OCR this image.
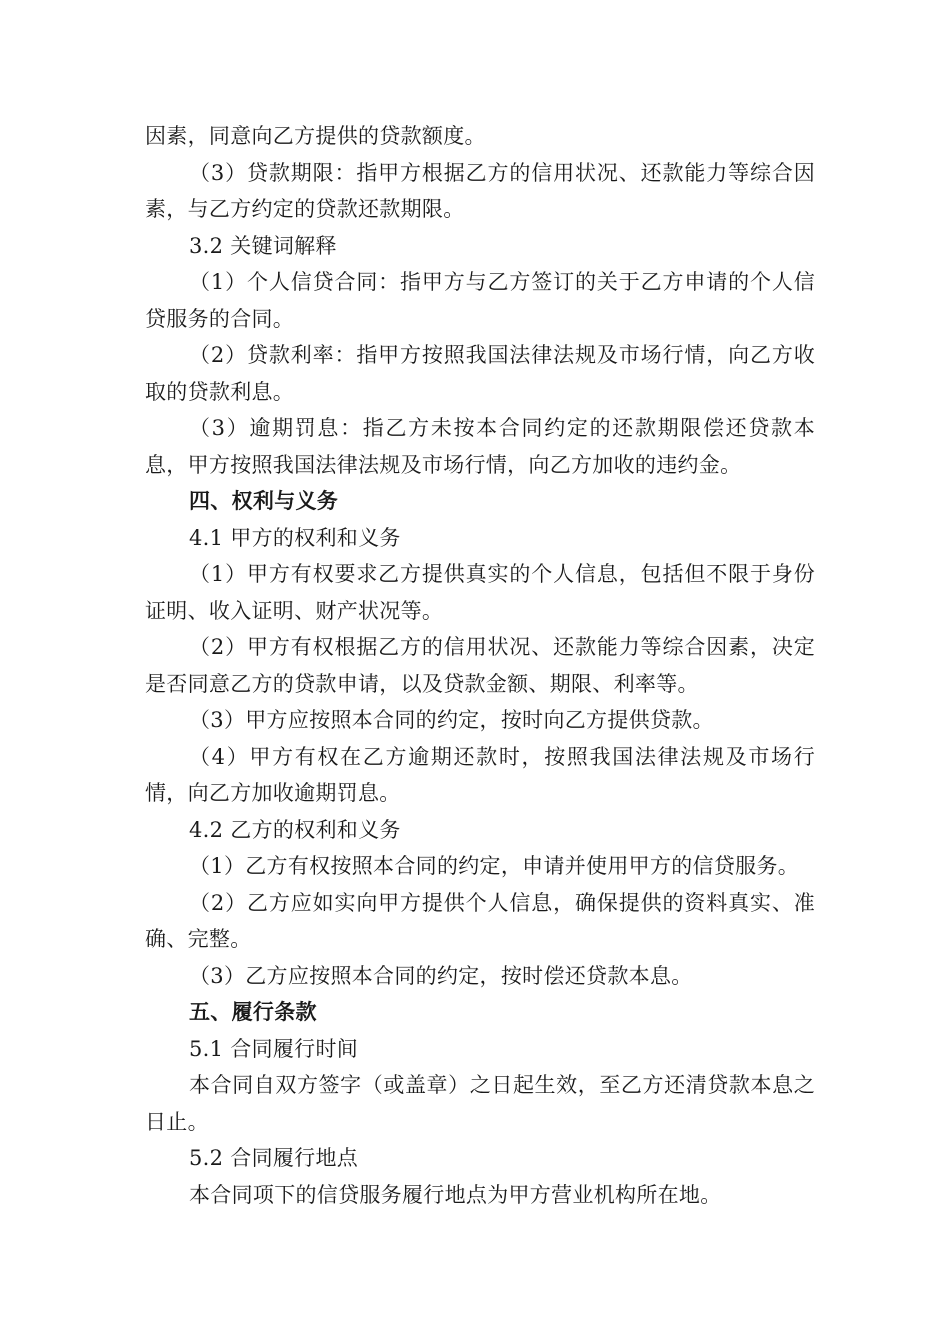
因素，同意向乙方提供的贷款额度。

（3）贷款期限：指甲方根据乙方的信用状况、还款能力等综合因素，与乙方约定的贷款还款期限。

3.2 关键词解释

（1）个人信贷合同：指甲方与乙方签订的关于乙方申请的个人信贷服务的合同。

（2）贷款利率：指甲方按照我国法律法规及市场行情，向乙方收取的贷款利息。

（3）逾期罚息：指乙方未按本合同约定的还款期限偿还贷款本息，甲方按照我国法律法规及市场行情，向乙方加收的违约金。

四、权利与义务

4.1 甲方的权利和义务

（1）甲方有权要求乙方提供真实的个人信息，包括但不限于身份证明、收入证明、财产状况等。

（2）甲方有权根据乙方的信用状况、还款能力等综合因素，决定是否同意乙方的贷款申请，以及贷款金额、期限、利率等。

（3）甲方应按照本合同的约定，按时向乙方提供贷款。

（4）甲方有权在乙方逾期还款时，按照我国法律法规及市场行情，向乙方加收逾期罚息。

4.2 乙方的权利和义务

（1）乙方有权按照本合同的约定，申请并使用甲方的信贷服务。

（2）乙方应如实向甲方提供个人信息，确保提供的资料真实、准确、完整。

（3）乙方应按照本合同的约定，按时偿还贷款本息。

五、履行条款

5.1 合同履行时间

本合同自双方签字（或盖章）之日起生效，至乙方还清贷款本息之日止。

5.2 合同履行地点

本合同项下的信贷服务履行地点为甲方营业机构所在地。
